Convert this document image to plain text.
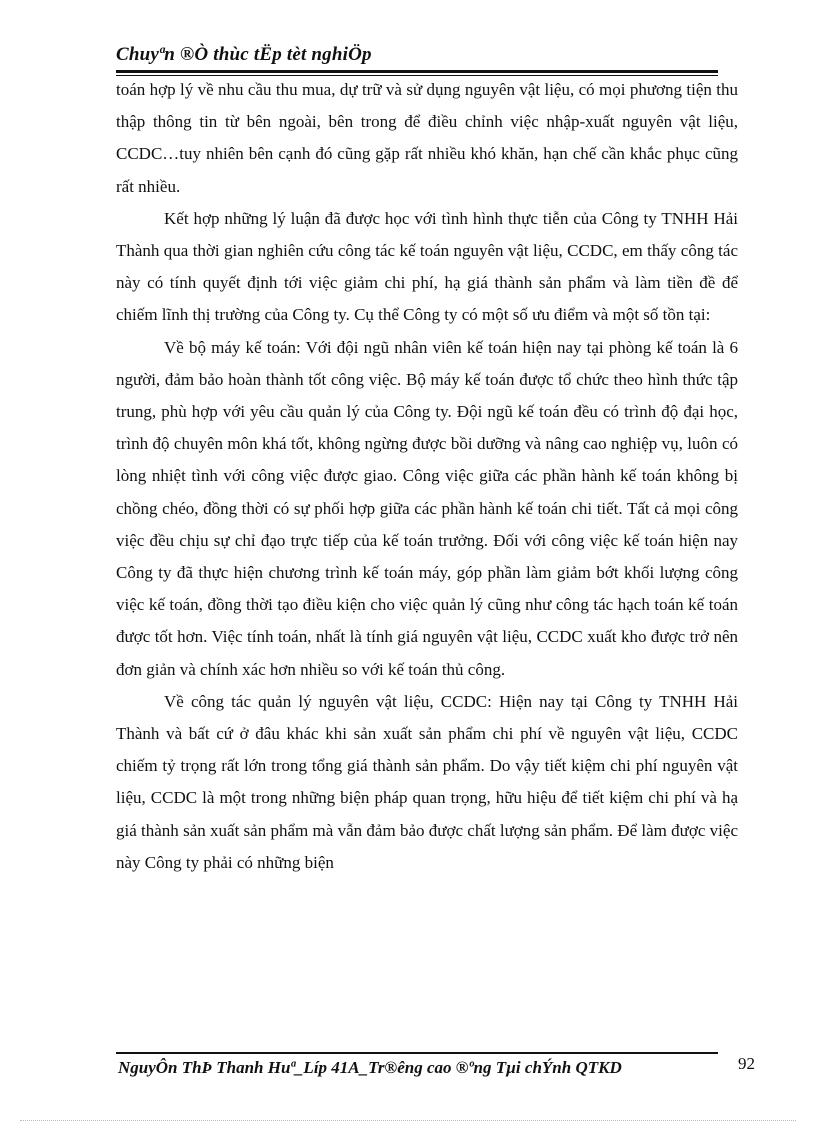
Chuyªn ®Ò thùc tËp tèt nghiÖp

toán hợp lý về nhu cầu thu mua, dự trữ và sử dụng nguyên vật liệu, có mọi phương tiện thu thập thông tin từ bên ngoài, bên trong để điều chỉnh việc nhập-xuất nguyên vật liệu, CCDC…tuy nhiên bên cạnh đó cũng gặp rất nhiều khó khăn, hạn chế cần khắc phục cũng rất nhiều.

Kết hợp những lý luận đã được học với tình hình thực tiễn của Công ty TNHH Hải Thành qua thời gian nghiên cứu công tác kế toán nguyên vật liệu, CCDC, em thấy công tác này có tính quyết định tới việc giảm chi phí, hạ giá thành sản phẩm và làm tiền đề để chiếm lĩnh thị trường của Công ty. Cụ thể Công ty có một số ưu điểm và một số tồn tại:

Về bộ máy kế toán: Với đội ngũ nhân viên kế toán hiện nay tại phòng kế toán là 6 người, đảm bảo hoàn thành tốt công việc. Bộ máy kế toán được tổ chức theo hình thức tập trung, phù hợp với yêu cầu quản lý của Công ty. Đội ngũ kế toán đều có trình độ đại học, trình độ chuyên môn khá tốt, không ngừng được bồi dưỡng và nâng cao nghiệp vụ, luôn có lòng nhiệt tình với công việc được giao. Công việc giữa các phần hành kế toán không bị chồng chéo, đồng thời có sự phối hợp giữa các phần hành kế toán chi tiết. Tất cả mọi công việc đều chịu sự chỉ đạo trực tiếp của kế toán trưởng. Đối với công việc kế toán hiện nay Công ty đã thực hiện chương trình kế toán máy, góp phần làm giảm bớt khối lượng công việc kế toán, đồng thời tạo điều kiện cho việc quản lý cũng như công tác hạch toán kế toán được tốt hơn. Việc tính toán, nhất là tính giá nguyên vật liệu, CCDC xuất kho được trở nên đơn giản và chính xác hơn nhiều so với kế toán thủ công.

Về công tác quản lý nguyên vật liệu, CCDC: Hiện nay tại Công ty TNHH Hải Thành và bất cứ ở đâu khác khi sản xuất sản phẩm chi phí về nguyên vật liệu, CCDC chiếm tỷ trọng rất lớn trong tổng giá thành sản phẩm. Do vậy tiết kiệm chi phí nguyên vật liệu, CCDC là một trong những biện pháp quan trọng, hữu hiệu để tiết kiệm chi phí và hạ giá thành sản xuất sản phẩm mà vẫn đảm bảo được chất lượng sản phẩm. Để làm được việc này Công ty phải có những biện

NguyÔn ThÞ Thanh Huª_Líp 41A_Tr®êng cao ®ºng Tµi chÝnh QTKD	92
